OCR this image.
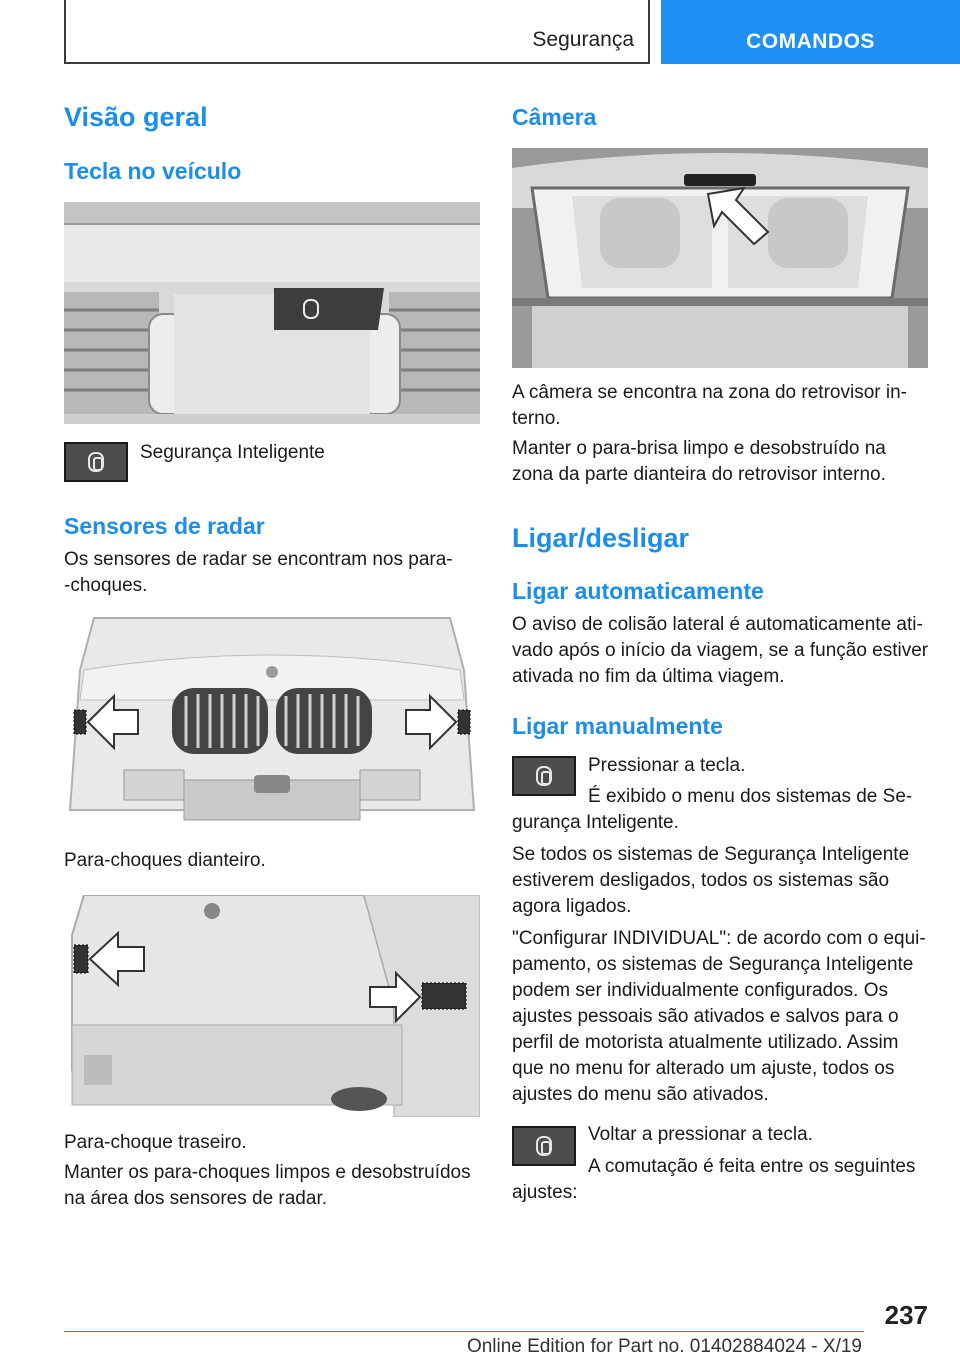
Segurança	COMANDOS
Visão geral
Tecla no veículo
Segurança Inteligente
Sensores de radar
Os sensores de radar se encontram nos para-
-choques.
Para-choques dianteiro.
Para-choque traseiro.
Manter os para-choques limpos e desobstruídos
na área dos sensores de radar.
Câmera
A câmera se encontra na zona do retrovisor in-
terno.
Manter o para-brisa limpo e desobstruído na
zona da parte dianteira do retrovisor interno.
Ligar/desligar
Ligar automaticamente
O aviso de colisão lateral é automaticamente ati-
vado após o início da viagem, se a função estiver
ativada no fim da última viagem.
Ligar manualmente
Pressionar a tecla.
É exibido o menu dos sistemas de Se-
gurança Inteligente.
Se todos os sistemas de Segurança Inteligente
estiverem desligados, todos os sistemas são
agora ligados.
"Configurar INDIVIDUAL": de acordo com o equi-
pamento, os sistemas de Segurança Inteligente
podem ser individualmente configurados. Os
ajustes pessoais são ativados e salvos para o
perfil de motorista atualmente utilizado. Assim
que no menu for alterado um ajuste, todos os
ajustes do menu são ativados.
Voltar a pressionar a tecla.
A comutação é feita entre os seguintes
ajustes:
237
Online Edition for Part no. 01402884024 - X/19
